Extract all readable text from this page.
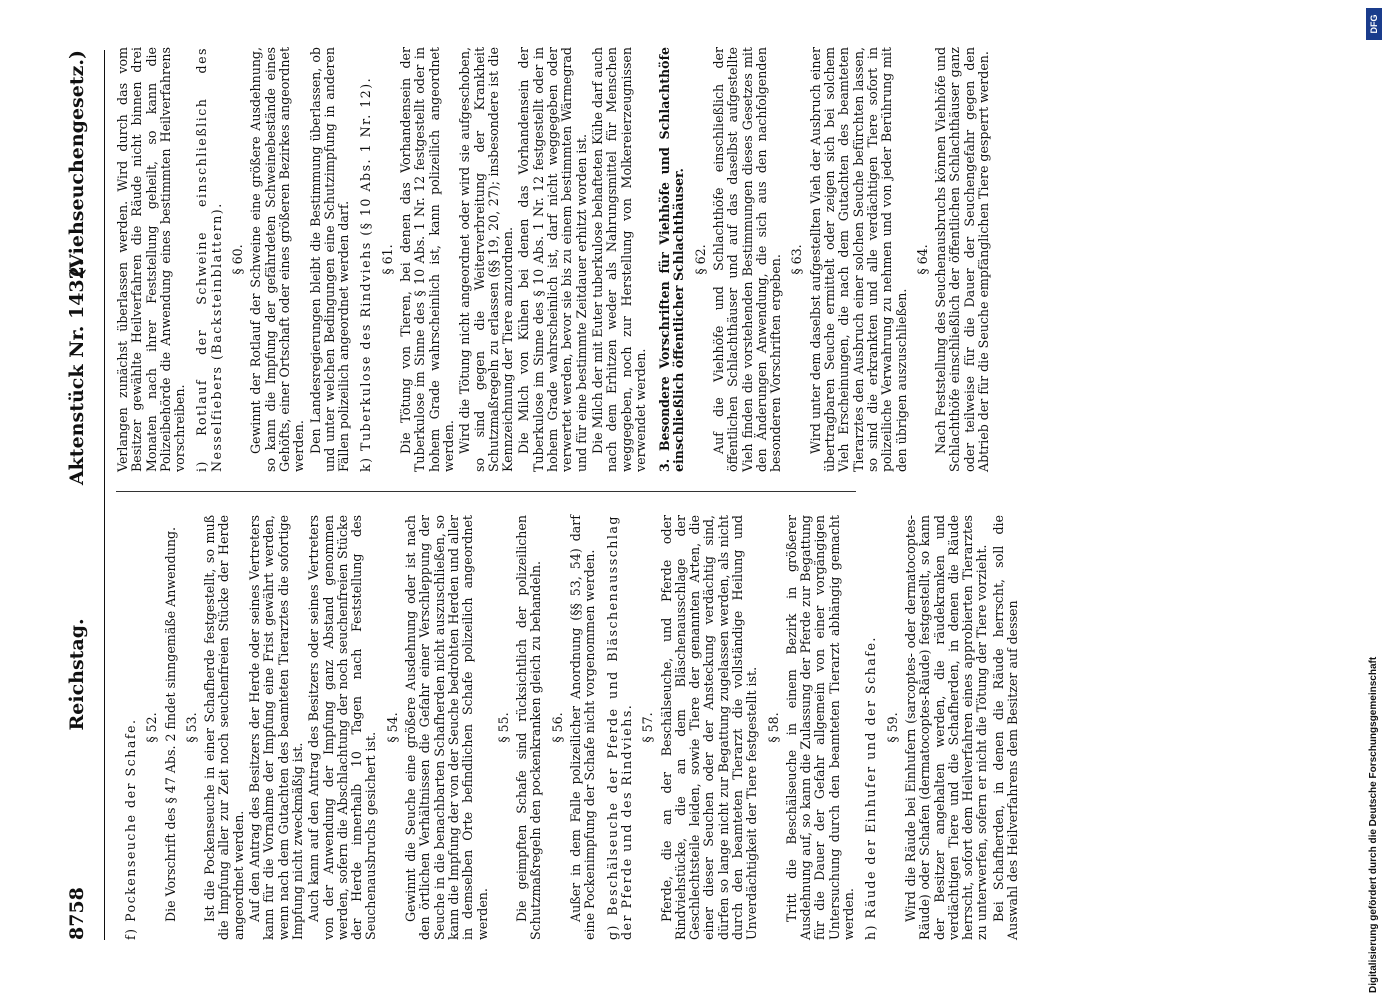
8758
Reichstag.  Aktenstück Nr. 1432.
(Viehseuchengesetz.)

f) Pockenseuche der Schafe. § 52. Die Vorschrift des § 47 Abs. 2 findet sinngemäße Anwendung. § 53. Ist die Pockenseuche in einer Schafherde festgestellt, so muß die Impfung aller zur Zeit noch seuchenfreien Stücke der Herde angeordnet werden. Auf den Antrag des Besitzers der Herde oder seines Vertreters kann für die Vornahme der Impfung eine Frist gewährt werden, wenn nach dem Gutachten des beamteten Tierarztes die sofortige Impfung nicht zweckmäßig ist. Auch kann auf den Antrag des Besitzers oder seines Vertreters von der Anwendung der Impfung ganz Abstand genommen werden, sofern die Abschlachtung der noch seuchenfreien Stücke der Herde innerhalb 10 Tagen nach Feststellung des Seuchenausbruchs gesichert ist.

§ 54. Gewinnt die Seuche eine größere Ausdehnung oder ist nach den örtlichen Verhältnissen die Gefahr einer Verschleppung der Seuche in die benachbarten Schafherden nicht auszuschließen, so kann die Impfung der von der Seuche bedrohten Herden und aller in demselben Orte befindlichen Schafe polizeilich angeordnet werden.

§ 55. Die geimpften Schafe sind rücksichtlich der polizeilichen Schutzmaßregeln den pockenkranken gleich zu behandeln. § 56. Außer in dem Falle polizeilicher Anordnung (§§ 53, 54) darf eine Pockenimpfung der Schafe nicht vorgenommen werden. g) Beschälseuche der Pferde und Bläschenausschlag der Pferde und des Rindviehs. § 57. Pferde, die an der Beschälseuche, und Pferde oder Rindviehstücke, die an dem Bläschenausschlage der Geschlechtsteile leiden, sowie Tiere der genannten Arten, die einer dieser Seuchen oder der Ansteckung verdächtig sind, dürfen so lange nicht zur Begattung zugelassen werden, als nicht durch den beamteten Tierarzt die vollständige Heilung und Unverdächtigkeit der Tiere festgestellt ist. § 58. Tritt die Beschälseuche in einem Bezirk in größerer Ausdehnung auf, so kann die Zulassung der Pferde zur Begattung für die Dauer der Gefahr allgemein von einer vorgängigen Untersuchung durch den beamteten Tierarzt abhängig gemacht werden. h) Räude der Einhufer und der Schafe. § 59. Wird die Räude bei Einhufern (sarcoptes- oder dermatocoptes-Räude) oder Schafen (dermatocoptes-Räude) festgestellt, so kann der Besitzer angehalten werden, die räudekranken und verdächtigen Tiere und die Schafherden, in denen die Räude herrscht, sofort dem Heilverfahren eines approbierten Tierarztes zu unterwerfen, sofern er nicht die Tötung der Tiere vorzieht. Bei Schafherden, in denen die Räude herrscht, soll die Auswahl des Heilverfahrens dem Besitzer auf dessen

Verlangen zunächst überlassen werden. Wird durch das vom Besitzer gewählte Heilverfahren die Räude nicht binnen drei Monaten nach ihrer Feststellung geheilt, so kann die Polizeibehörde die Anwendung eines bestimmten Heilverfahrens vorschreiben. i) Rotlauf der Schweine einschließlich des Nesselfiebers (Backsteinblattern). § 60. Gewinnt der Rotlauf der Schweine eine größere Ausdehnung, so kann die Impfung der gefährdeten Schweinebestände eines Gehöfts, einer Ortschaft oder eines größeren Bezirkes angeordnet werden. Den Landesregierungen bleibt die Bestimmung überlassen, ob und unter welchen Bedingungen eine Schutzimpfung in anderen Fällen polizeilich angeordnet werden darf. k) Tuberkulose des Rindviehs (§ 10 Abs. 1 Nr. 12). § 61. Die Tötung von Tieren, bei denen das Vorhandensein der Tuberkulose im Sinne des § 10 Abs. 1 Nr. 12 festgestellt oder in hohem Grade wahrscheinlich ist, kann polizeilich angeordnet werden. Wird die Tötung nicht angeordnet oder wird sie aufgeschoben, so sind gegen die Weiterverbreitung der Krankheit Schutzmaßregeln zu erlassen (§§ 19, 20, 27); insbesondere ist die Kennzeichnung der Tiere anzuordnen. Die Milch von Kühen bei denen das Vorhandensein der Tuberkulose im Sinne des § 10 Abs. 1 Nr. 12 festgestellt oder in hohem Grade wahrscheinlich ist, darf nicht weggegeben oder verwertet werden, bevor sie bis zu einem bestimmten Wärmegrad und für eine bestimmte Zeitdauer erhitzt worden ist. Die Milch der mit Euter tuberkulose behafteten Kühe darf auch nach dem Erhitzen weder als Nahrungsmittel für Menschen weggegeben, noch zur Herstellung von Molkereierzeugnissen verwendet werden. 3. Besondere Vorschriften für Viehhöfe und Schlachthöfe einschließlich öffentlicher Schlachthäuser. § 62. Auf die Viehhöfe und Schlachthöfe einschließlich der öffentlichen Schlachthäuser und auf das daselbst aufgestellte Vieh finden die vorstehenden Bestimmungen dieses Gesetzes mit den Änderungen Anwendung, die sich aus den nachfolgenden besonderen Vorschriften ergeben. § 63. Wird unter dem daselbst aufgestellten Vieh der Ausbruch einer übertragbaren Seuche ermittelt oder zeigen sich bei solchem Vieh Erscheinungen, die nach dem Gutachten des beamteten Tierarztes den Ausbruch einer solchen Seuche befürchten lassen, so sind die erkrankten und alle verdächtigen Tiere sofort in polizeiliche Verwahrung zu nehmen und von jeder Berührung mit den übrigen auszuschließen.

§ 64. Nach Feststellung des Seuchenausbruchs können Viehhöfe und Schlachthöfe einschließlich der öffentlichen Schlachthäuser ganz oder teilweise für die Dauer der Seuchengefahr gegen den Abtrieb der für die Seuche empfänglichen Tiere gesperrt werden.

DFG
Digitalisierung gefördert durch die Deutsche Forschungsgemeinschaft
